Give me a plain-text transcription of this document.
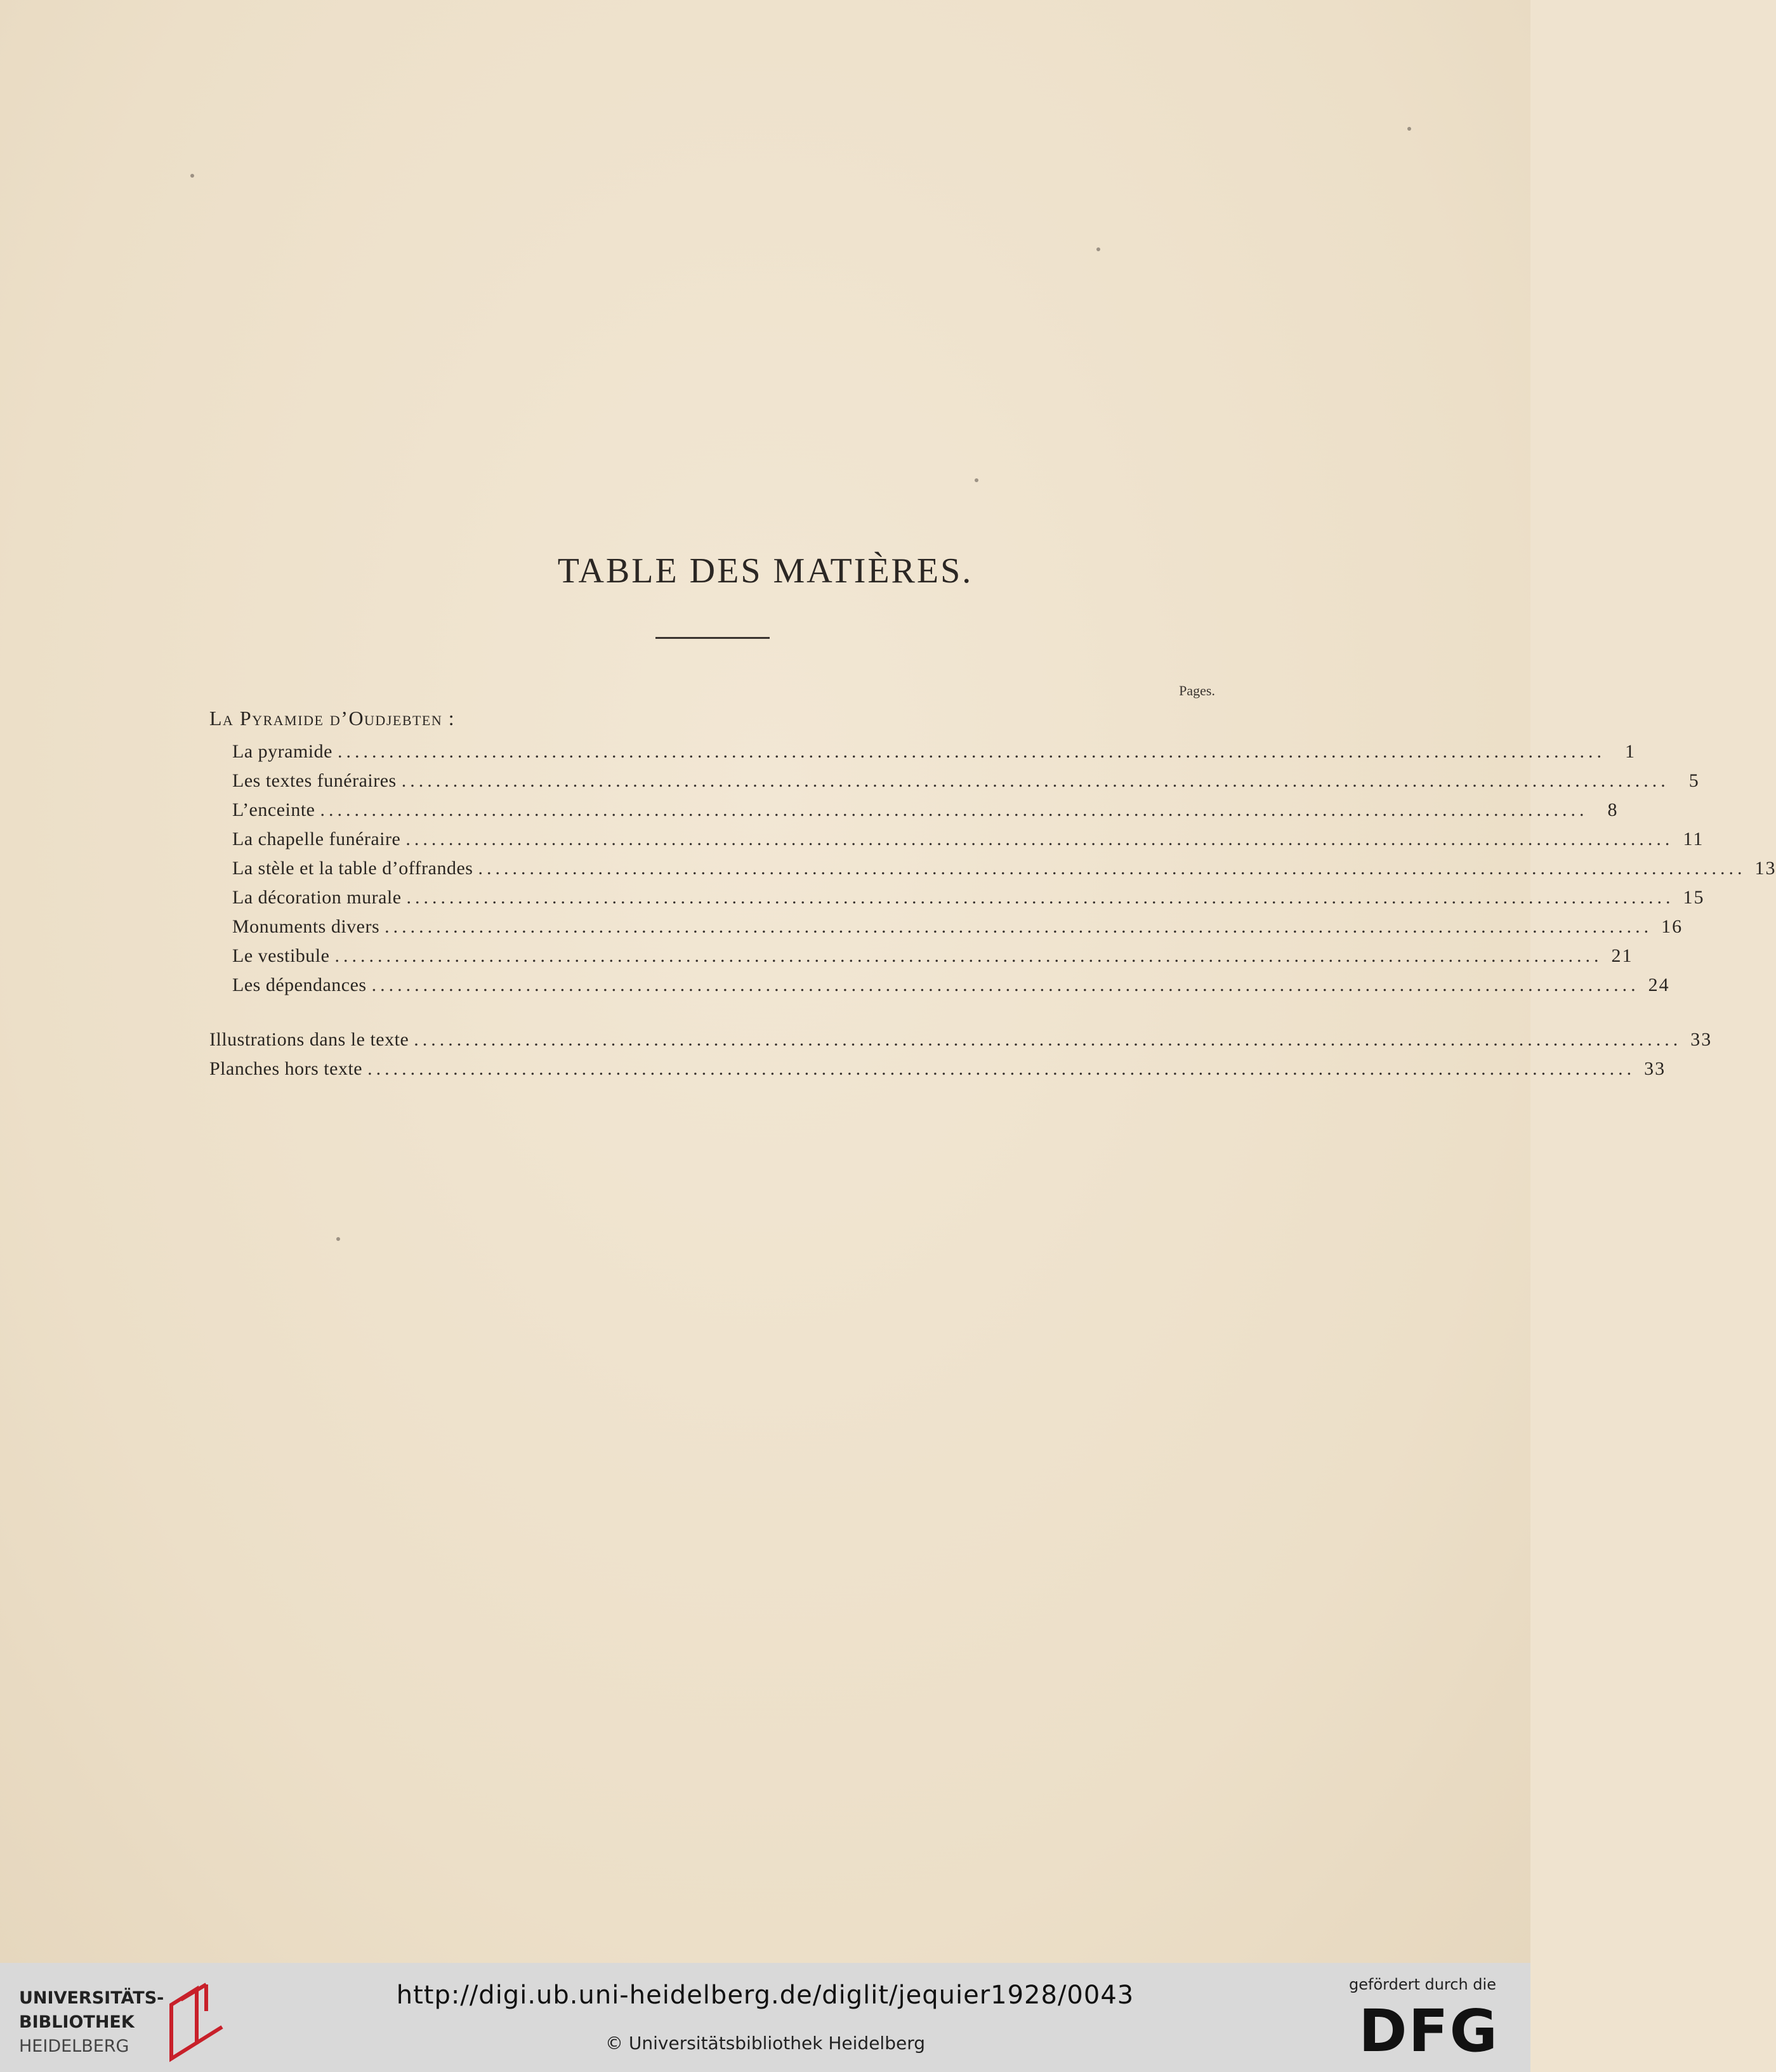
TABLE DES MATIÈRES.
Pages.
La Pyramide d’Oudjebten :
La pyramide ....................................................................................................................................................	1
Les textes funéraires ....................................................................................................................................................	5
L’enceinte ....................................................................................................................................................	8
La chapelle funéraire .................................................................................................................................................... 11
La stèle et la table d’offrandes .................................................................................................................................................... 13
La décoration murale .................................................................................................................................................... 15
Monuments divers .................................................................................................................................................... 16
Le vestibule .................................................................................................................................................... 21
Les dépendances .................................................................................................................................................... 24
Illustrations dans le texte .................................................................................................................................................... 33
Planches hors texte .................................................................................................................................................... 33
UNIVERSITÄTS-
BIBLIOTHEK
HEIDELBERG
http://digi.ub.uni-heidelberg.de/diglit/jequier1928/0043
© Universitätsbibliothek Heidelberg
gefördert durch die
DFG
